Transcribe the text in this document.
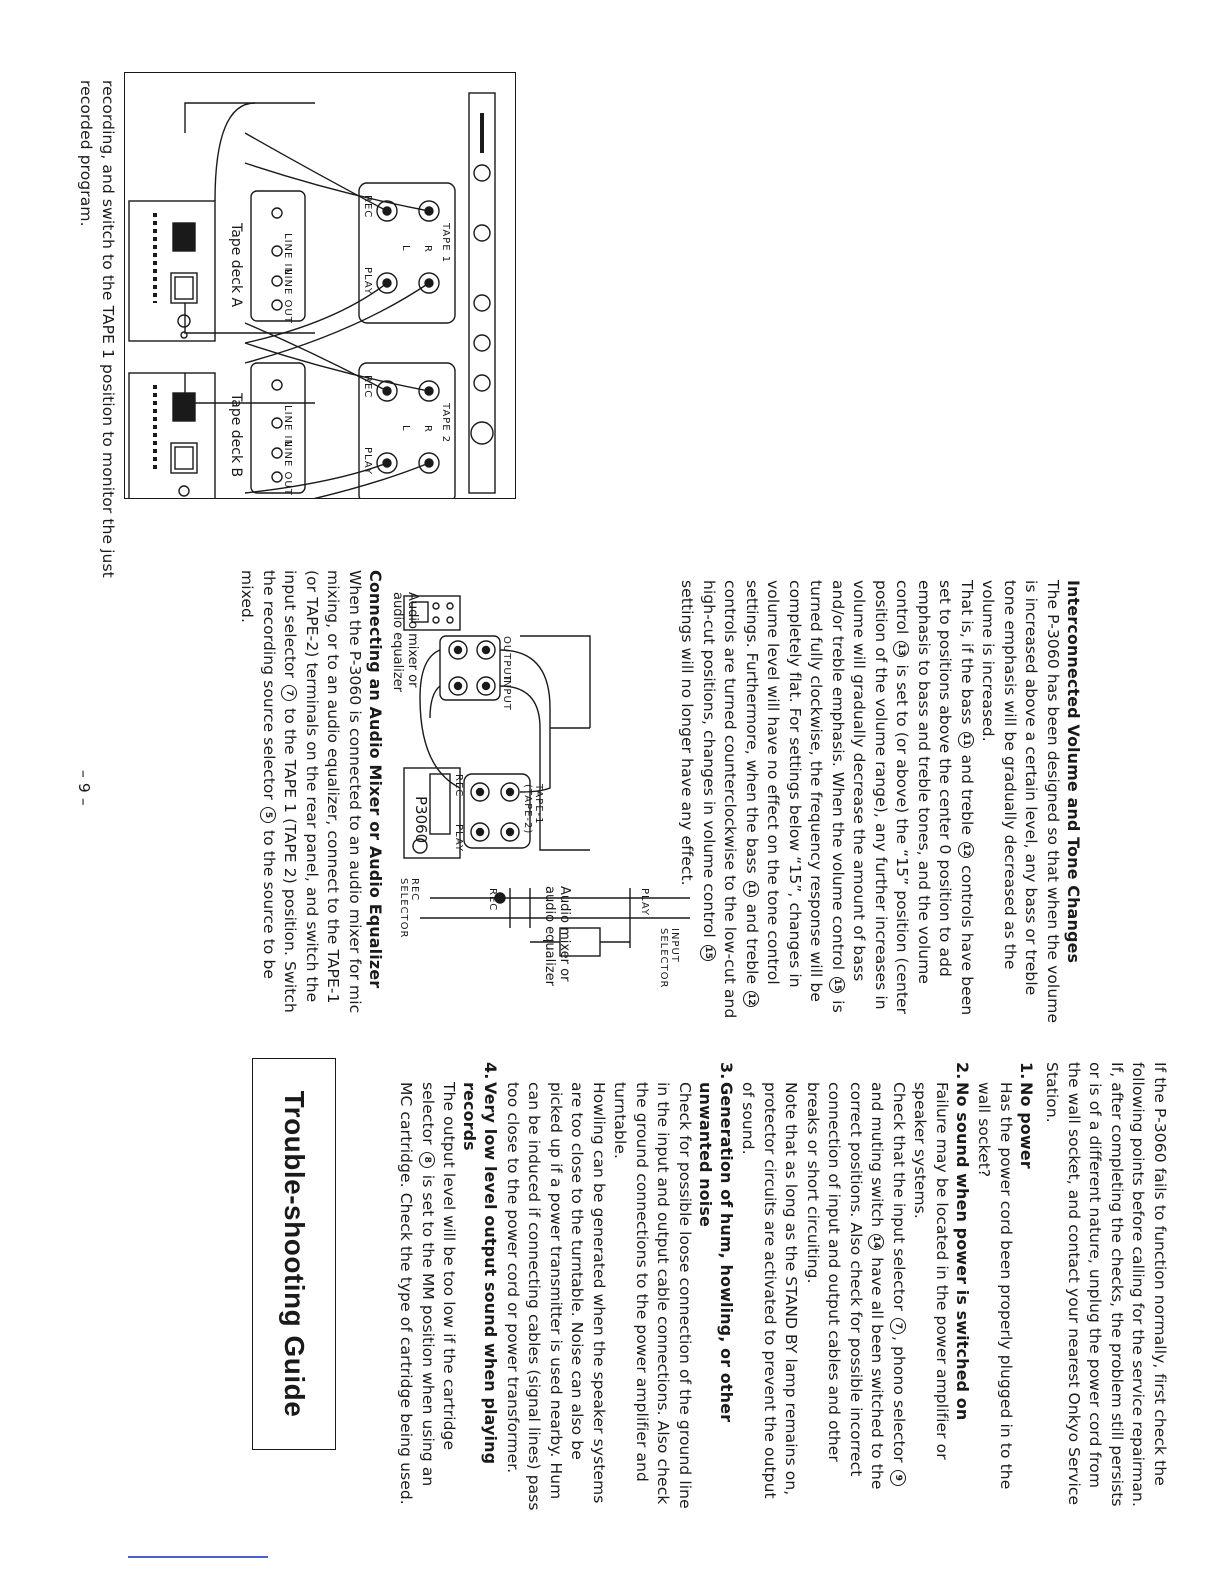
recording, and switch to the TAPE 1 position to monitor the just recorded program.

Tape deck A
Tape deck B
LINE IN
LINE OUT
LINE IN
LINE OUT
TAPE 1
TAPE 2
REC
PLAY
REC
PLAY
L R
L R

Connecting an Audio Mixer or Audio Equalizer

When the P-3060 is connected to an audio mixer for mic mixing, or to an audio equalizer, connect to the TAPE-1 (or TAPE-2) terminals on the rear panel, and switch the input selector 7 to the TAPE 1 (TAPE 2) position. Switch the recording source selector 5 to the source to be mixed.	Audio mixer or audio equalizer	OUTPUT
INPUT
P3060	TAPE-1 (TAPE-2)
REC
PLAY
REC SELECTOR
INPUT SELECTOR
REC	PLAY
Audio mixer or audio equalizer	Interconnected Volume and Tone Changes

The P-3060 has been designed so that when the volume is increased above a certain level, any bass or treble tone emphasis will be gradually decreased as the volume is increased.

That is, if the bass 11 and treble 12 controls have been set to positions above the center 0 position to add emphasis to bass and treble tones, and the volume control 13 is set to (or above) the “15” position (center position of the volume range), any further increases in volume will gradually decrease the amount of bass and/or treble emphasis. When the volume control 15 is turned fully clockwise, the frequency response will be completely flat. For settings below “15”, changes in volume level will have no effect on the tone control settings. Furthermore, when the bass 11 and treble 12 controls are turned counterclockwise to the low-cut and high-cut positions, changes in volume control 15 settings will no longer have any effect.

Trouble-shooting Guide	If the P-3060 fails to function normally, first check the following points before calling for the service repairman.

If, after completing the checks, the problem still persists or is of a different nature, unplug the power cord from the wall socket, and contact your nearest Onkyo Service Station.

1.

No power

Has the power cord been properly plugged in to the wall socket?

2.

No sound when power is switched on

Failure may be located in the power amplifier or speaker systems.

Check that the input selector 7, phono selector 9 and muting switch 14 have all been switched to the correct positions. Also check for possible incorrect connection of input and output cables and other breaks or short circuiting.

Note that as long as the STAND BY lamp remains on, protector circuits are activated to prevent the output of sound.

3.

Generation of hum, howling, or other unwanted noise

Check for possible loose connection of the ground line in the input and output cable connections. Also check the ground connections to the power amplifier and turntable.

Howling can be generated when the speaker systems are too close to the turntable. Noise can also be picked up if a power transmitter is used nearby. Hum can be induced if connecting cables (signal lines) pass too close to the power cord or power transformer.

4.

Very low level output sound when playing records

The output level will be too low if the cartridge selector 8 is set to the MM position when using an MC cartridge. Check the type of cartridge being used.

– 9 –
